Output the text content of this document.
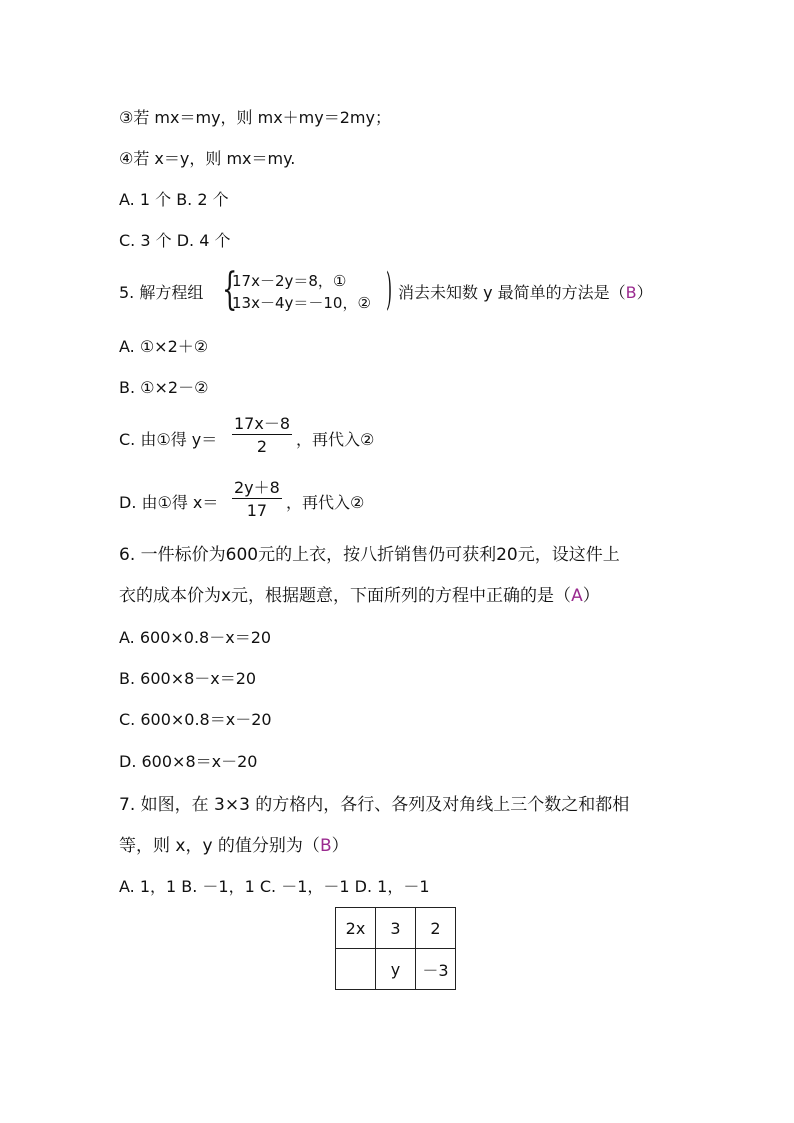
③若 mx＝my，则 mx＋my＝2my；
④若 x＝y，则 mx＝my.
A. 1 个 B. 2 个
C. 3 个 D. 4 个
5. 解方程组 {
17x－2y＝8，①
13x－4y＝－10，② ) 消去未知数 y 最简单的方法是（B）
A. ①×2＋②
B. ①×2－②
C. 由①得 $y= \frac{17x-8}{2}$ ，再代入②
D. 由①得 $x= \frac{2y+8}{17}$ ，再代入②
6. 一件标价为600元的上衣，按八折销售仍可获利20元，设这件上
衣的成本价为x元，根据题意，下面所列的方程中正确的是（A）
A. 600×0.8－x＝20
B. 600×8－x＝20
C. 600×0.8＝x－20
D. 600×8＝x－20
7. 如图，在 3×3 的方格内，各行、各列及对角线上三个数之和都相
等，则 x，y 的值分别为（B）
A. 1，1 B. －1，1 C. －1，－1 D. 1，－1
2x	3	2
	y	－3
